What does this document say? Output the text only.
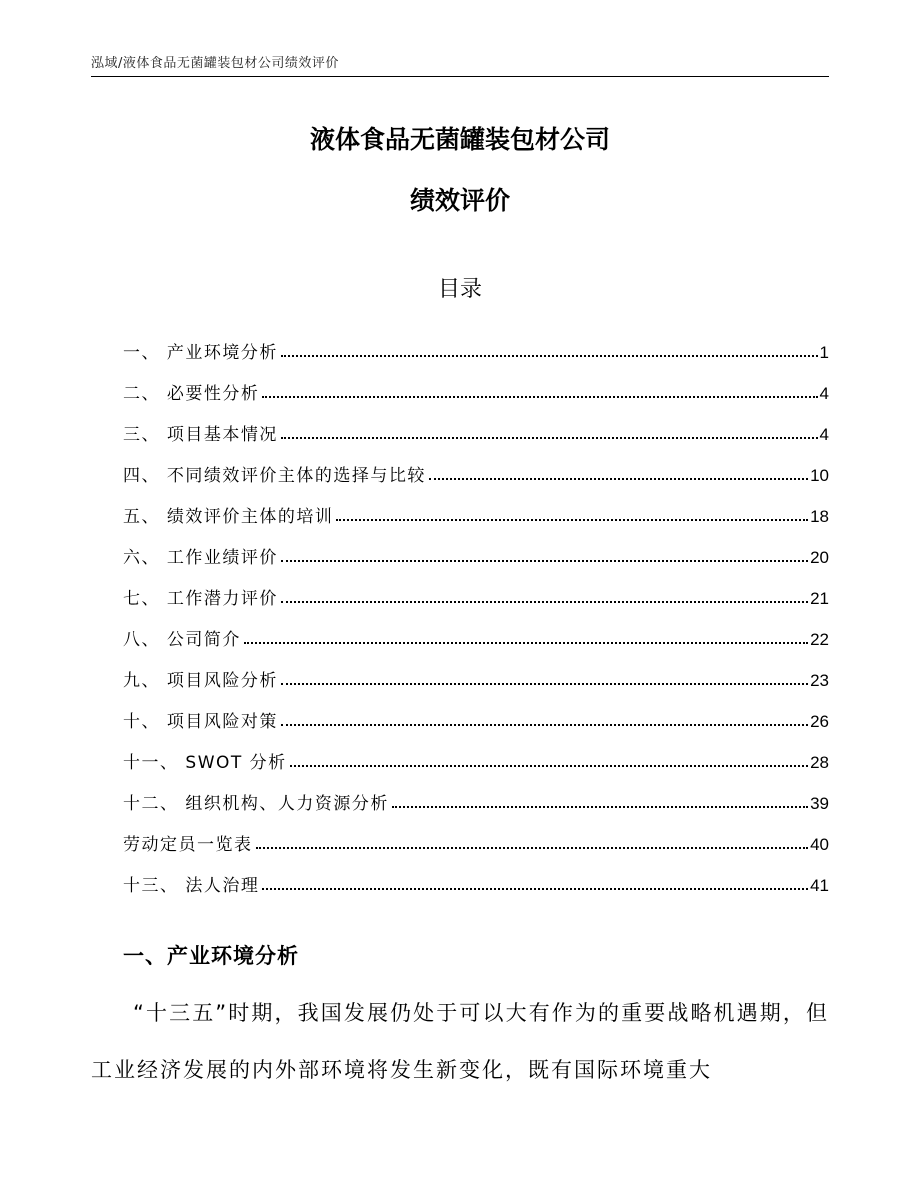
泓域/液体食品无菌罐装包材公司绩效评价
液体食品无菌罐装包材公司
绩效评价
目录
一、 产业环境分析	1
二、 必要性分析	4
三、 项目基本情况	4
四、 不同绩效评价主体的选择与比较	10
五、 绩效评价主体的培训	18
六、 工作业绩评价	20
七、 工作潜力评价	21
八、 公司简介	22
九、 项目风险分析	23
十、 项目风险对策	26
十一、 SWOT 分析	28
十二、 组织机构、人力资源分析	39
劳动定员一览表	40
十三、 法人治理	41
一、产业环境分析
“十三五”时期，我国发展仍处于可以大有作为的重要战略机遇期，但工业经济发展的内外部环境将发生新变化，既有国际环境重大
